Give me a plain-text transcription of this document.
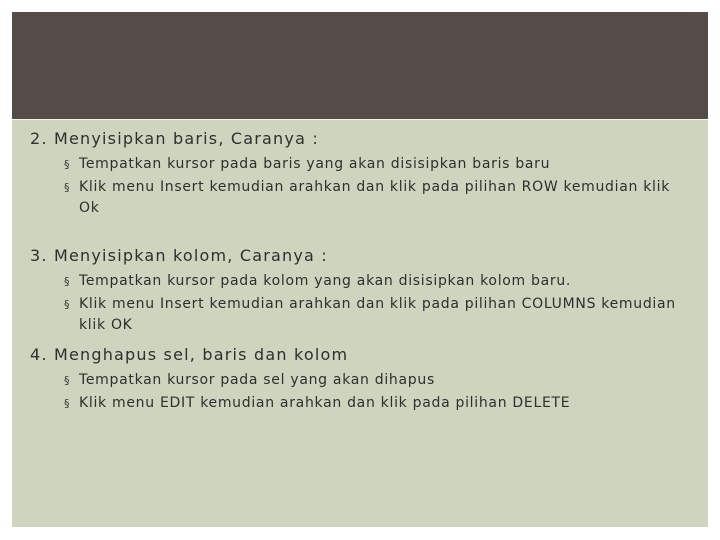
2. Menyisipkan baris, Caranya :

§ Tempatkan kursor pada baris yang akan disisipkan baris baru
§ Klik menu Insert kemudian arahkan dan klik pada pilihan ROW kemudian klik Ok

3. Menyisipkan kolom, Caranya :

§ Tempatkan kursor pada kolom yang akan disisipkan kolom baru.
§ Klik menu Insert kemudian arahkan dan klik pada pilihan COLUMNS kemudian klik OK

4. Menghapus sel, baris dan kolom

§ Tempatkan kursor pada sel yang akan dihapus
§ Klik menu EDIT kemudian arahkan dan klik pada pilihan DELETE
